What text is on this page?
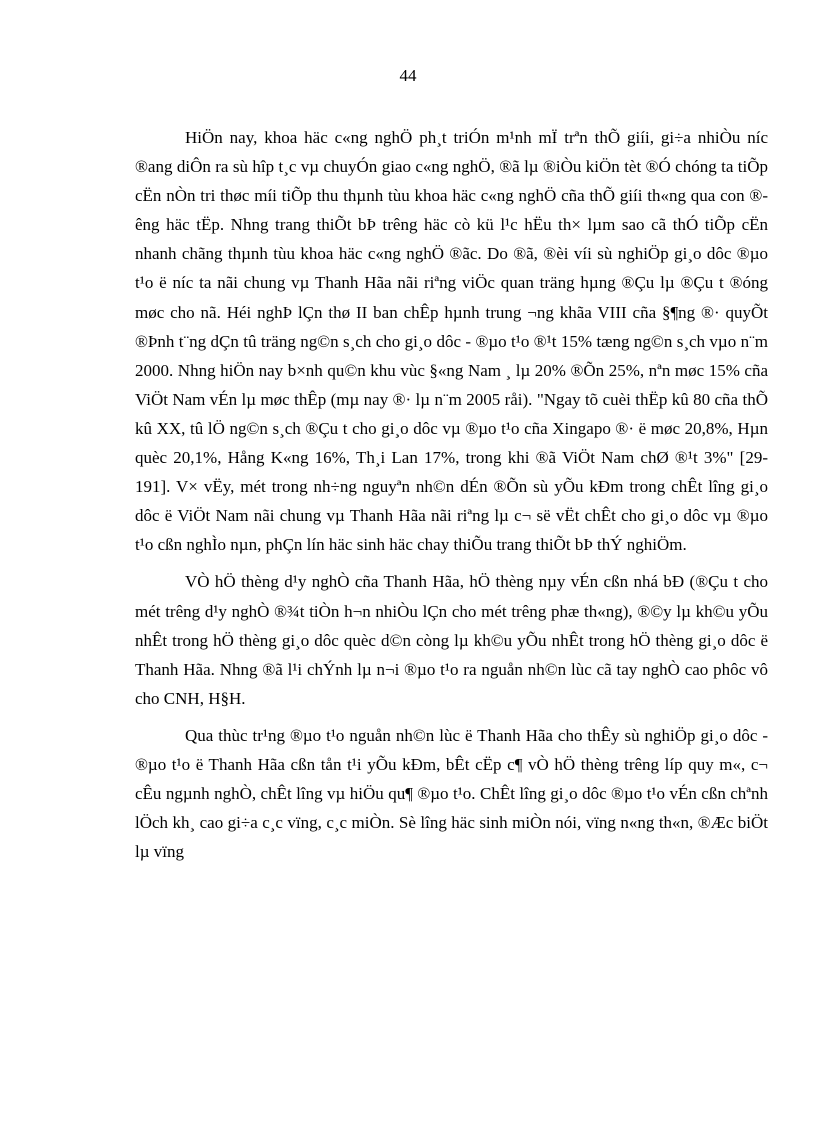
44

HiÖn nay, khoa häc c«ng nghÖ ph¸t triÓn m¹nh mÏ trªn thÕ giíi, gi÷a nhiÒu níc ®ang diÔn ra sù hîp t¸c vµ chuyÓn giao c«ng nghÖ, ®ã lµ ®iÒu kiÖn tèt ®Ó chóng ta tiÕp cËn nÒn tri thøc míi tiÕp thu thµnh tùu khoa häc c«ng nghÖ cña thÕ giíi th«ng qua con ®êng häc tËp. Nhng trang thiÕt bÞ trêng häc cò kü l¹c hËu th× lµm sao cã thÓ tiÕp cËn nhanh chãng thµnh tùu khoa häc c«ng nghÖ ®ãc. Do ®ã, ®èi víi sù nghiÖp gi¸o dôc ®µo t¹o ë níc ta nãi chung vµ Thanh Hãa nãi riªng viÖc quan träng hµng ®Çu lµ ®Çu t ®óng møc cho nã. Héi nghÞ lÇn thø II ban chÊp hµnh trung ¬ng khãa VIII cña §¶ng ®· quyÕt ®Þnh t¨ng dÇn tû träng ng©n s¸ch cho gi¸o dôc - ®µo t¹o ®¹t 15% tæng ng©n s¸ch vµo n¨m 2000. Nhng hiÖn nay b×nh qu©n khu vùc §«ng Nam ¸ lµ 20% ®Õn 25%, nªn møc 15% cña ViÖt Nam vÉn lµ møc thÊp (mµ nay ®· lµ n¨m 2005 råi). "Ngay tõ cuèi thËp kû 80 cña thÕ kû XX, tû lÖ ng©n s¸ch ®Çu t cho gi¸o dôc vµ ®µo t¹o cña Xingapo ®· ë møc 20,8%, Hµn quèc 20,1%, Hång K«ng 16%, Th¸i Lan 17%, trong khi ®ã ViÖt Nam chØ ®¹t 3%" [29-191]. V× vËy, mét trong nh÷ng nguyªn nh©n dÉn ®Õn sù yÕu kÐm trong chÊt lîng gi¸o dôc ë ViÖt Nam nãi chung vµ Thanh Hãa nãi riªng lµ c¬ së vËt chÊt cho gi¸o dôc vµ ®µo t¹o cßn nghÌo nµn, phÇn lín häc sinh häc chay thiÕu trang thiÕt bÞ thÝ nghiÖm.

VÒ hÖ thèng d¹y nghÒ cña Thanh Hãa, hÖ thèng nµy vÉn cßn nhá bÐ (®Çu t cho mét trêng d¹y nghÒ ®¾t tiÒn h¬n nhiÒu lÇn cho mét trêng phæ th«ng), ®©y lµ kh©u yÕu nhÊt trong hÖ thèng gi¸o dôc quèc d©n còng lµ kh©u yÕu nhÊt trong hÖ thèng gi¸o dôc ë Thanh Hãa. Nhng ®ã l¹i chÝnh lµ n¬i ®µo t¹o ra nguån nh©n lùc cã tay nghÒ cao phôc vô cho CNH, H§H.

Qua thùc tr¹ng ®µo t¹o nguån nh©n lùc ë Thanh Hãa cho thÊy sù nghiÖp gi¸o dôc - ®µo t¹o ë Thanh Hãa cßn tån t¹i yÕu kÐm, bÊt cËp c¶ vÒ hÖ thèng trêng líp quy m«, c¬ cÊu ngµnh nghÒ, chÊt lîng vµ hiÖu qu¶ ®µo t¹o. ChÊt lîng gi¸o dôc ®µo t¹o vÉn cßn chªnh lÖch kh¸ cao gi÷a c¸c vïng, c¸c miÒn. Sè lîng häc sinh miÒn nói, vïng n«ng th«n, ®Æc biÖt lµ vïng
